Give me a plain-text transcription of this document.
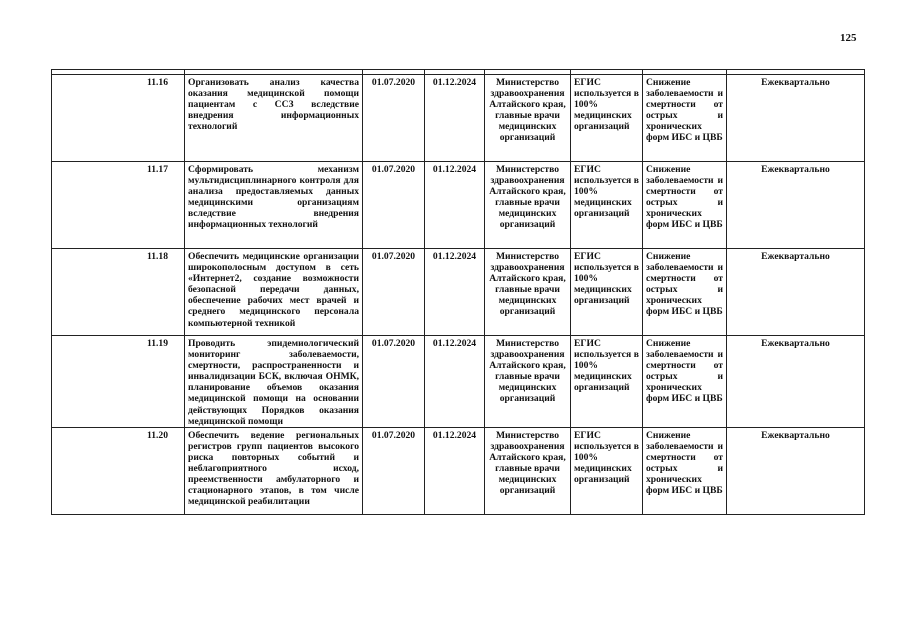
125

11.16	Организовать анализ качества оказания медицинской помощи пациентам с ССЗ вследствие внедрения информационных технологий	01.07.2020	01.12.2024	Министерство здравоохранения Алтайского края, главные врачи медицинских организаций	ЕГИС используется в 100% медицинских организаций	Снижение заболеваемости и смертности от острых и хронических форм ИБС и ЦВБ	Ежеквартально
11.17	Сформировать механизм мультидисциплинарного контроля для анализа предоставляемых данных медицинскими организациям вследствие внедрения информационных технологий	01.07.2020	01.12.2024	Министерство здравоохранения Алтайского края, главные врачи медицинских организаций	ЕГИС используется в 100% медицинских организаций	Снижение заболеваемости и смертности от острых и хронических форм ИБС и ЦВБ	Ежеквартально
11.18	Обеспечить медицинские организации широкополосным доступом в сеть «Интернет2, создание возможности безопасной передачи данных, обеспечение рабочих мест врачей и среднего медицинского персонала компьютерной техникой	01.07.2020	01.12.2024	Министерство здравоохранения Алтайского края, главные врачи медицинских организаций	ЕГИС используется в 100% медицинских организаций	Снижение заболеваемости и смертности от острых и хронических форм ИБС и ЦВБ	Ежеквартально
11.19	Проводить эпидемиологический мониторинг заболеваемости, смертности, распространенности и инвалидизации БСК, включая ОНМК, планирование объемов оказания медицинской помощи на основании действующих Порядков оказания медицинской помощи	01.07.2020	01.12.2024	Министерство здравоохранения Алтайского края, главные врачи медицинских организаций	ЕГИС используется в 100% медицинских организаций	Снижение заболеваемости и смертности от острых и хронических форм ИБС и ЦВБ	Ежеквартально
11.20	Обеспечить ведение региональных регистров групп пациентов высокого риска повторных событий и неблагоприятного исход, преемственности амбулаторного и стационарного этапов, в том числе медицинской реабилитации	01.07.2020	01.12.2024	Министерство здравоохранения Алтайского края, главные врачи медицинских организаций	ЕГИС используется в 100% медицинских организаций	Снижение заболеваемости и смертности от острых и хронических форм ИБС и ЦВБ	Ежеквартально
